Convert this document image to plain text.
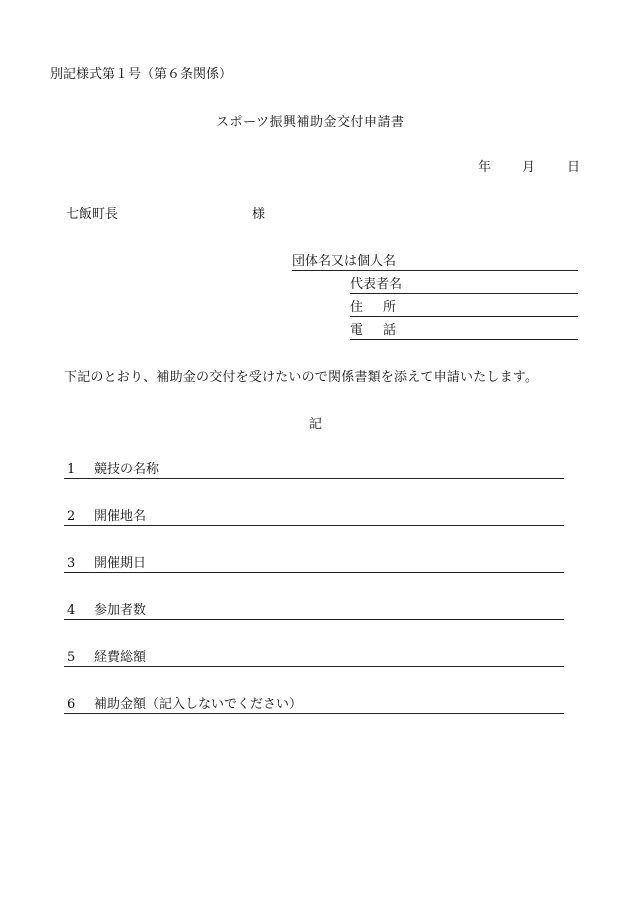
別記様式第１号（第６条関係）
スポーツ振興補助金交付申請書
年 月 日
七飯町長	様
団体名又は個人名
代表者名
住所
電話
下記のとおり、補助金の交付を受けたいので関係書類を添えて申請いたします。
記
1 競技の名称
2 開催地名
3 開催期日
4 参加者数
5 経費総額
6 補助金額（記入しないでください）
